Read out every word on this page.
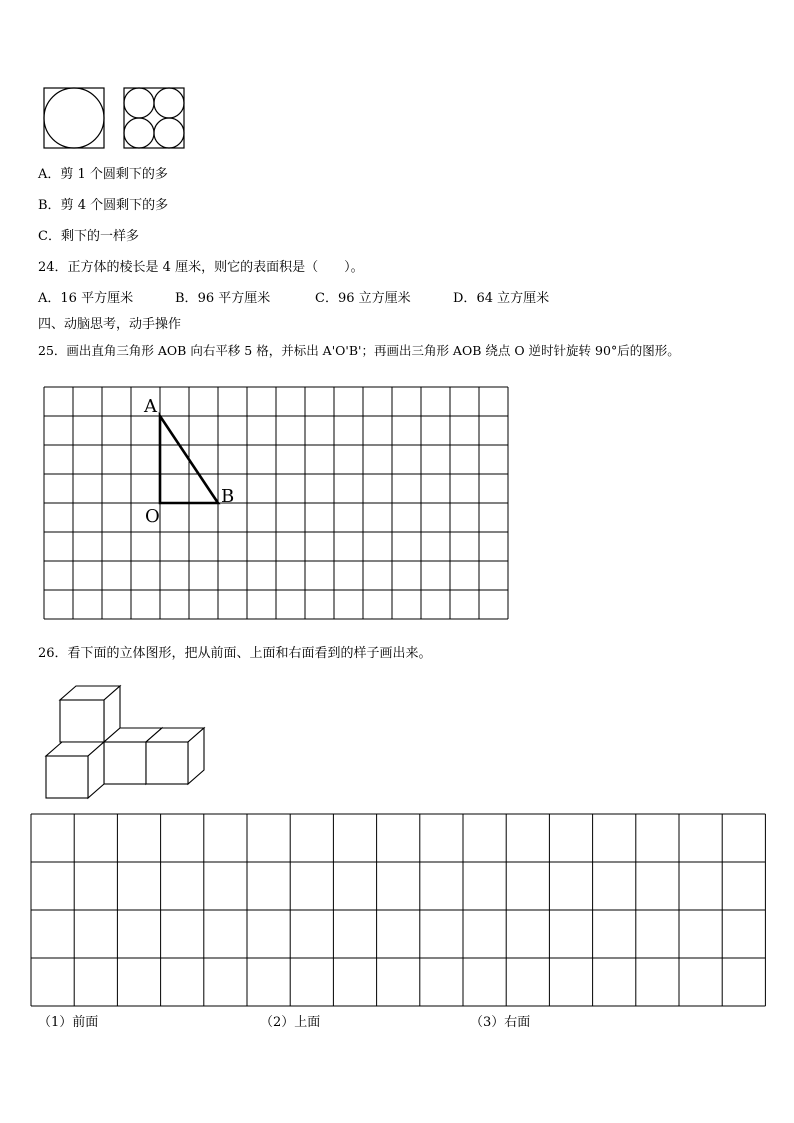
A．剪 1 个圆剩下的多
B．剪 4 个圆剩下的多
C．剩下的一样多
24．正方体的棱长是 4 厘米，则它的表面积是（　　）。
A．16 平方厘米	B．96 平方厘米	C．96 立方厘米	D．64 立方厘米
四、动脑思考，动手操作
25．画出直角三角形 AOB 向右平移 5 格，并标出 A'O'B'；再画出三角形 AOB 绕点 O 逆时针旋转 90°后的图形。
A
O
B
26．看下面的立体图形，把从前面、上面和右面看到的样子画出来。
（1）前面	（2）上面	（3）右面
